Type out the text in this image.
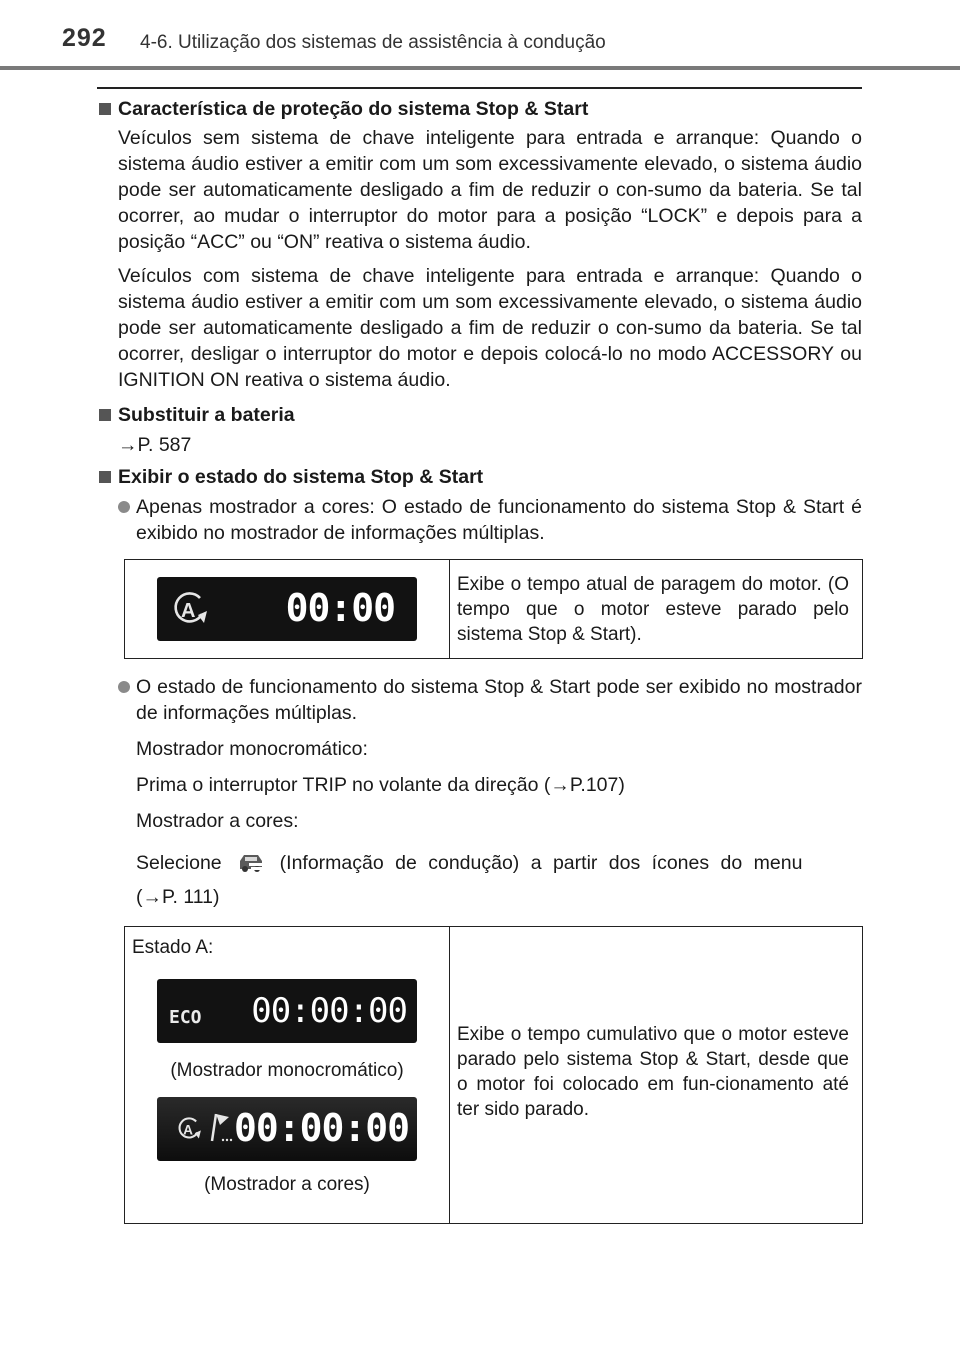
292 4-6. Utilização dos sistemas de assistência à condução

Característica de proteção do sistema Stop & Start

Veículos sem sistema de chave inteligente para entrada e arranque: Quando o sistema áudio estiver a emitir com um som excessivamente elevado, o sistema áudio pode ser automaticamente desligado a fim de reduzir o con-sumo da bateria. Se tal ocorrer, ao mudar o interruptor do motor para a posição “LOCK” e depois para a posição “ACC” ou “ON” reativa o sistema áudio.

Veículos com sistema de chave inteligente para entrada e arranque: Quando o sistema áudio estiver a emitir com um som excessivamente elevado, o sistema áudio pode ser automaticamente desligado a fim de reduzir o con-sumo da bateria. Se tal ocorrer, desligar o interruptor do motor e depois colocá-lo no modo ACCESSORY ou IGNITION ON reativa o sistema áudio.

Substituir a bateria

→P. 587

Exibir o estado do sistema Stop & Start

Apenas mostrador a cores: O estado de funcionamento do sistema Stop & Start é exibido no mostrador de informações múltiplas.
A 00:00

Exibe o tempo atual de paragem do motor. (O tempo que o motor esteve parado pelo sistema Stop & Start).
O estado de funcionamento do sistema Stop & Start pode ser exibido no mostrador de informações múltiplas.

Mostrador monocromático:

Prima o interruptor TRIP no volante da direção (→P.107)

Mostrador a cores:

Selecione	(Informação de condução) a partir dos ícones do menu

(→P. 111)

Estado A:
ECO 00:00:00
(Mostrador monocromático)
A 00:00:00
(Mostrador a cores)

Exibe o tempo cumulativo que o motor esteve parado pelo sistema Stop & Start, desde que o motor foi colocado em fun-cionamento até ter sido parado.
